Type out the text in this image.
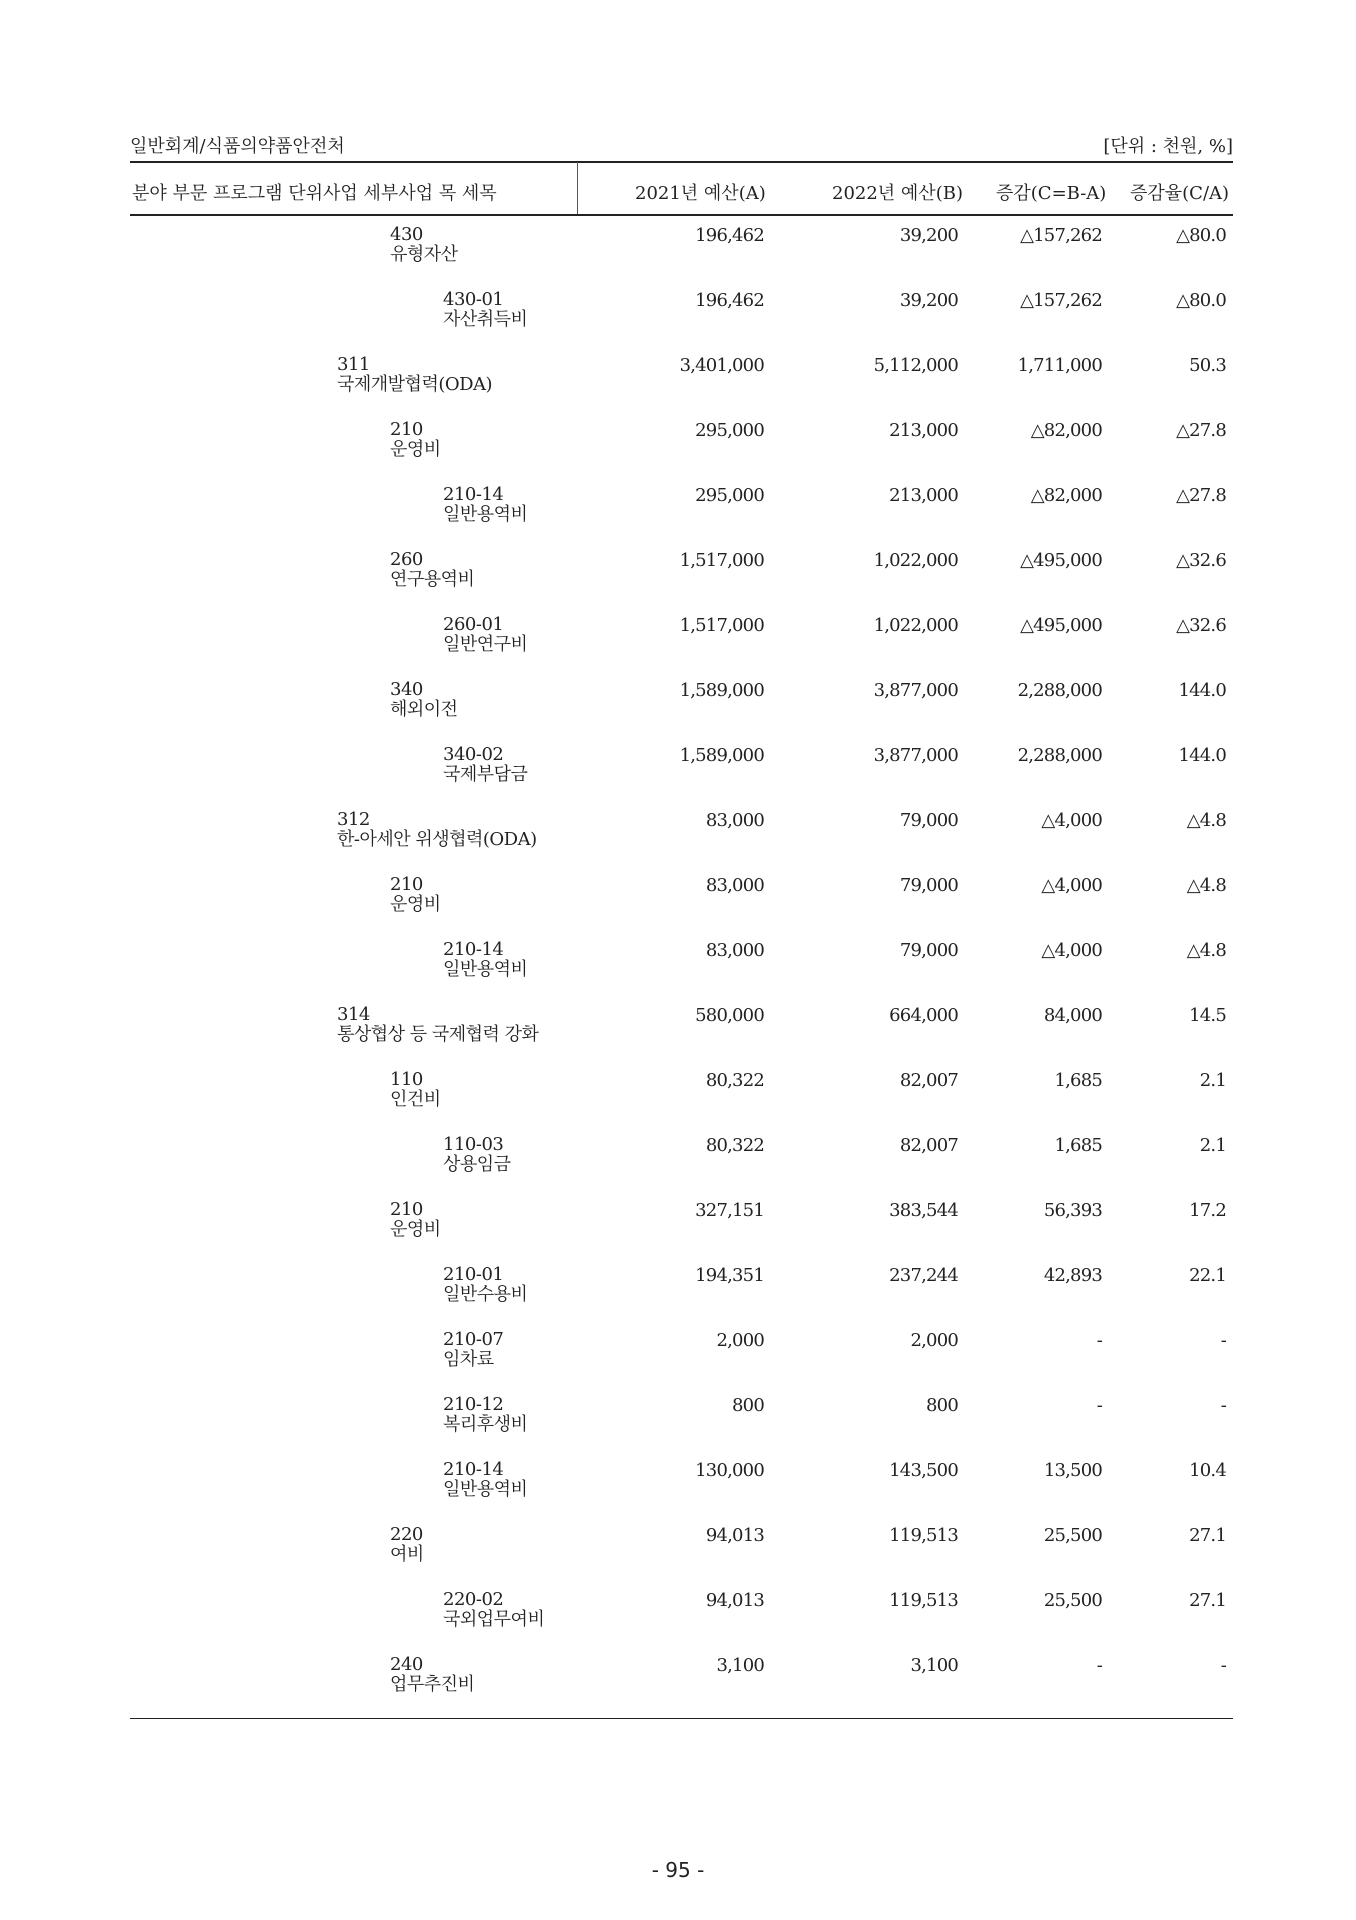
일반회계/식품의약품안전처	[단위 : 천원, %]
분야 부문 프로그램 단위사업 세부사업 목 세목	2021년 예산(A)	2022년 예산(B) 증감(C=B-A) 증감율(C/A)
430
유형자산
196,462	39,200	△157,262	△80.0
430-01
자산취득비
196,462	39,200	△157,262	△80.0
311
국제개발협력(ODA)
3,401,000	5,112,000	1,711,000	50.3
210
운영비
295,000	213,000	△82,000	△27.8
210-14
일반용역비
295,000	213,000	△82,000	△27.8
260
연구용역비
1,517,000	1,022,000	△495,000	△32.6
260-01
일반연구비
1,517,000	1,022,000	△495,000	△32.6
340
해외이전
1,589,000	3,877,000	2,288,000	144.0
340-02
국제부담금
1,589,000	3,877,000	2,288,000	144.0
312
한-아세안 위생협력(ODA)
83,000	79,000	△4,000	△4.8
210
운영비
83,000	79,000	△4,000	△4.8
210-14
일반용역비
83,000	79,000	△4,000	△4.8
314
통상협상 등 국제협력 강화
580,000	664,000	84,000	14.5
110
인건비
80,322	82,007	1,685	2.1
110-03
상용임금
80,322	82,007	1,685	2.1
210
운영비
327,151	383,544	56,393	17.2
210-01
일반수용비
194,351	237,244	42,893	22.1
210-07
임차료
2,000	2,000	-	-
210-12
복리후생비
800	800	-	-
210-14
일반용역비
130,000	143,500	13,500	10.4
220
여비
94,013	119,513	25,500	27.1
220-02
국외업무여비
94,013	119,513	25,500	27.1
240
업무추진비
3,100	3,100	-	-
- 95 -
